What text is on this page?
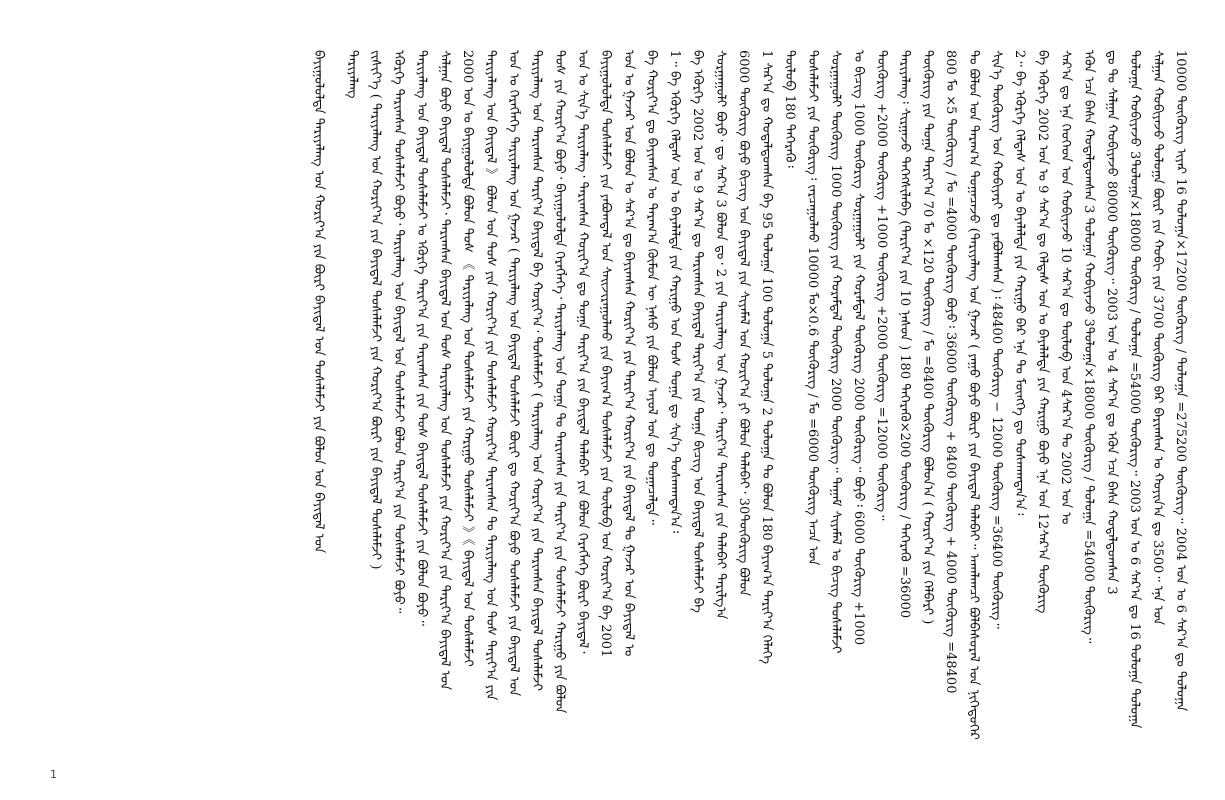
10000 ᠲᠥᠭᠦᠷᠢᠭ ᠢᠶᠡᠷ 16 ᠲᠣᠯᠣᠭᠠ×17200 ᠲᠥᠭᠦᠷᠢᠭ / ᠲᠣᠯᠣᠭᠠ =275200 ᠲᠥᠭᠦᠷᠢᠭ᠃ 2004 ᠣᠨ ᠤ 6 ᠰᠠᠷ᠎ᠠ ᠳᠤ ᠲᠣᠯᠣᠭᠠ
ᠰᠠᠯᠭᠠᠨ ᠬᠤᠪᠢᠶᠠᠵᠤ ᠲᠣᠯᠣᠭᠠ ᠪᠦᠷᠢ ᠶᠢᠨ ᠬᠤᠪᠢ ᠶᠢᠨ 3700 ᠲᠥᠭᠦᠷᠢᠭ ᠪᠡᠷ ᠪᠠᠷᠢᠭᠰᠠᠨ ᠤ ᠬᠣᠶᠢᠨ᠎ᠠ ᠳᠤ 3500᠃ ᠡᠨᠡ ᠣᠨ
ᠲᠣᠯᠣᠭᠠ ᠬᠤᠪᠢᠶᠠᠵᠤ 3ᠲᠣᠯᠣᠭᠠ×18000 ᠲᠥᠭᠦᠷᠢᠭ / ᠲᠣᠯᠣᠭᠠ =54000 ᠲᠥᠭᠦᠷᠢᠭ᠃ 2003 ᠣᠨ ᠤ 6 ᠰᠠᠷ᠎ᠠ ᠳᠤ 16 ᠲᠣᠯᠣᠭᠠ ᠲᠣᠯᠣᠭᠠ
ᠳᠤ ᠲᠤ ᠰᠠᠯᠭᠠᠨ ᠬᠤᠪᠢᠶᠠᠵᠤ 80000 ᠲᠥᠭᠦᠷᠢᠭ᠃ 2003 ᠣᠨ ᠤ 4 ᠰᠠᠷ᠎ᠠ ᠳᠤ ᠡᠭᠦᠨ ᠡᠴᠡ ᠪᠠᠰᠠ ᠬᠤᠳᠠᠯᠳᠤᠭᠰᠠᠨ 3
ᠡᠭᠦᠨ ᠡᠴᠡ ᠪᠠᠰᠠ ᠬᠤᠳᠠᠯᠳᠤᠭᠰᠠᠨ 3 ᠲᠣᠯᠣᠭᠠ ᠬᠤᠪᠢᠶᠠᠵᠤ 3ᠲᠣᠯᠣᠭᠠ×18000 ᠲᠥᠭᠦᠷᠢᠭ / ᠲᠣᠯᠣᠭᠠ =54000 ᠲᠥᠭᠦᠷᠢᠭ᠃
ᠰᠠᠷ᠎ᠠ ᠳᠤ ᠡᠨᠡ ᠬᠡᠦᠬᠡᠳ ᠤᠨ ᠬᠤᠪᠢᠶᠠᠵᠤ 10 ᠰᠠᠷ᠎ᠠ ᠳᠤ ᠲᠥᠯᠦᠪ ᠤᠨ 4ᠰᠠᠷ᠎ᠠ ᠲᠤ 2002 ᠣᠨ ᠤ
ᠪᠠ ᠡᠭᠦᠷᠭᠡ 2002 ᠣᠨ ᠤ 9 ᠰᠠᠷ᠎ᠠ ᠳᠤ ᠬᠡᠯᠲᠡᠰ ᠤᠨ ᠤ ᠪᠡᠶᠡᠯᠡᠯᠲᠡ ᠶᠢᠨ ᠬᠠᠷᠢᠭᠤ ᠪᠤᠶᠤ ᠡᠨᠡ ᠣᠨ 12ᠰᠠᠷ᠎ᠠ ᠲᠥᠭᠦᠷᠢᠭ
2᠃ ᠪᠠ ᠡᠭᠦᠷᠭᠡ ᠬᠡᠯᠲᠡᠰ ᠤᠨ ᠤ ᠪᠡᠶᠡᠯᠡᠯᠲᠡ ᠶᠢᠨ ᠬᠠᠷᠢᠭᠤ ᠪᠠᠷ ᠡᠨᠡ ᠲᠤ ᠮᠥᠩᠭᠡ ᠳᠤ ᠲᠤᠰᠬᠠᠭᠳᠠᠨ᠎ᠠ᠄
ᠰᠢᠨ᠎ᠡ ᠲᠥᠭᠦᠷᠢᠭ ᠤᠨ ᠬᠤᠪᠢᠶᠠᠷᠢ ᠳᠤ ᠶᠠᠪᠤᠯᠠᠭᠰᠠᠨ )᠄ 48400 ᠲᠥᠭᠦᠷᠢᠭ − 12000 ᠲᠥᠭᠦᠷᠢᠭ =36400 ᠲᠥᠭᠦᠷᠢᠭ᠃
ᠲᠤ ᠪᠣᠯᠤᠨ ᠤᠨ ᠳᠠᠷᠠᠭ᠎ᠠ ᠲᠣᠭᠠᠴᠠᠵᠤ (ᠲᠠᠷᠢᠶᠠᠯᠠᠩ ᠤᠨ ᠭᠠᠵᠠᠷ ( ᠶᠠᠭᠤ ᠪᠤᠶᠤ ᠪᠦᠷᠢ ᠶᠢᠨ ᠪᠠᠶᠢᠳᠠᠯ ᠲᠠᠯᠠᠪᠠᠢ᠃ ᠠᠬᠠᠯᠠᠭᠴᠢ ᠪᠣᠯᠪᠠᠰᠤᠷᠠᠯ ᠤᠨ ᠨᠢᠭᠡᠳᠦᠭᠡᠷ
800 ᠮᠤ ×5 ᠲᠥᠭᠦᠷᠢᠭ / ᠮᠤ =4000 ᠲᠥᠭᠦᠷᠢᠭ ᠪᠤᠶᠤ᠄ 36000 ᠲᠥᠭᠦᠷᠢᠭ + 8400 ᠲᠥᠭᠦᠷᠢᠭ + 4000 ᠲᠥᠭᠦᠷᠢᠭ =48400
ᠲᠥᠭᠦᠷᠢᠭ ᠶᠢᠨ ᠲᠣᠭᠠ ᠲᠠᠷᠢᠶ᠎ᠠ 70 ᠮᠤ ×120 ᠲᠥᠭᠦᠷᠢᠭ / ᠮᠤ =8400 ᠲᠥᠭᠦᠷᠢᠭ ᠪᠣᠯᠤᠨ᠎ᠠ ( ᠬᠤᠷᠢᠶ᠎ᠠ ᠶᠢᠨ ᠬᠡᠯᠪᠡᠷᠢ )
ᠲᠠᠷᠢᠶᠠᠯᠠᠩ᠄ ᠰᠢᠷᠭᠠᠵᠤ ᠳᠡᠭᠡᠭᠰᠢᠯᠡᠪᠡ (ᠲᠠᠷᠢᠶ᠎ᠠ ᠶᠢᠨ 10 ᠨᠠᠰᠤᠨ ) 180 ᠳᠡᠭᠡᠷᠡᠭᠦ×200 ᠲᠥᠭᠦᠷᠢᠭ / ᠳᠡᠭᠡᠷᠡᠭᠦ =36000
ᠲᠥᠭᠦᠷᠢᠭ +2000 ᠲᠥᠭᠦᠷᠢᠭ +1000 ᠲᠥᠭᠦᠷᠢᠭ +2000 ᠲᠥᠭᠦᠷᠢᠭ =12000 ᠲᠥᠭᠦᠷᠢᠭ᠃
ᠤ ᠪᠢᠴᠢᠭ 1000 ᠲᠥᠭᠦᠷᠢᠭ ᠰᠤᠷᠭᠠᠭᠤᠯᠢ ᠶᠢᠨ ᠬᠤᠷᠠᠮᠳᠠᠯ ᠲᠥᠭᠦᠷᠢᠭ 2000 ᠲᠥᠭᠦᠷᠢᠭ᠃ ᠪᠤᠶᠤ᠄ 6000 ᠲᠥᠭᠦᠷᠢᠭ +1000
ᠰᠤᠷᠭᠠᠭᠤᠯᠢ ᠲᠥᠭᠦᠷᠢᠭ 1000 ᠲᠥᠭᠦᠷᠢᠭ ᠶᠢᠨ ᠬᠤᠷᠠᠮᠳᠠᠯ ᠲᠥᠭᠦᠷᠢᠭ 2000 ᠲᠥᠭᠦᠷᠢᠭ᠃ ᠲᠠᠭᠠᠮ ᠰᠢᠶᠠᠮᠠᠯ ᠤ ᠪᠢᠴᠢᠭ ᠲᠤᠰᠠᠯᠠᠮᠵᠢ
ᠲᠤᠰᠠᠯᠠᠮᠵᠢ ᠶᠢᠨ ᠲᠥᠭᠦᠷᠢᠭ᠄ ᠵᠠᠷᠴᠠᠭᠤᠯᠬᠤ 10000 ᠮᠤ×0.6 ᠲᠥᠭᠦᠷᠢᠭ / ᠮᠤ =6000 ᠲᠥᠭᠦᠷᠢᠭ ᠠᠴᠠ ᠣᠨ
ᠲᠥᠯᠦᠪ 180 ᠳᠡᠭᠡᠷᠡᠭᠦ᠄
1 ᠰᠠᠷ᠎ᠠ ᠳᠤ ᠬᠤᠳᠠᠯᠳᠤᠭᠰᠠᠨ ᠪᠠ 95 ᠲᠣᠯᠣᠭᠠ 100 ᠲᠣᠯᠣᠭᠠ 5 ᠲᠣᠯᠣᠭᠠ 2 ᠲᠣᠯᠣᠭᠠ ᠲᠤ ᠪᠣᠯᠤᠨ 180 ᠪᠠᠶᠢᠭ᠎ᠠ ᠲᠠᠷᠢᠶ᠎ᠠ ᠬᠡᠯᠡᠭᠡ
6000 ᠲᠥᠭᠦᠷᠢᠭ ᠪᠤᠶᠤ ᠪᠢᠴᠢᠭ ᠤᠨ ᠪᠠᠶᠢᠳᠠᠯ ᠶᠢᠨ ᠰᠢᠶᠠᠮᠠᠯ ᠤᠨ ᠬᠤᠷᠢᠶ᠎ᠠ ᠶᠢ ᠪᠣᠯᠤᠨ ᠲᠠᠯᠠᠪᠠᠢ᠂ 30ᠲᠥᠭᠦᠷᠢᠭ ᠪᠣᠯᠤᠨ
ᠰᠤᠷᠭᠠᠭᠤᠯᠢ ᠪᠤᠶᠤ᠂ ᠳᠤ ᠰᠠᠷ᠎ᠠ 3 ᠪᠤᠯᠤᠨ ᠳᠤ᠂ 2 ᠶᠢᠨ ᠲᠠᠷᠢᠶᠠᠯᠠᠩ ᠤᠨ ᠭᠠᠵᠠᠷ᠂ ᠲᠠᠷᠢᠶ᠎ᠠ ᠲᠠᠷᠢᠭᠰᠠᠨ ᠶᠢᠨ ᠲᠠᠯᠠᠪᠠᠢ ᠲᠠᠷᠢᠯᠭ᠎ᠠ
ᠪᠠ ᠡᠭᠦᠷᠭᠡ 2002 ᠣᠨ ᠤ 9 ᠰᠠᠷ᠎ᠠ ᠳᠤ ᠲᠠᠷᠢᠭᠰᠠᠨ ᠪᠠᠶᠢᠳᠠᠯ ᠲᠠᠷᠢᠶ᠎ᠠ ᠶᠢᠨ ᠲᠣᠭᠠ ᠪᠢᠴᠢᠭ ᠤᠨ ᠪᠠᠶᠢᠳᠠᠯ ᠲᠤᠰᠠᠯᠠᠮᠵᠢ ᠪᠠ
1᠃ ᠪᠠ ᠡᠭᠦᠷᠭᠡ ᠬᠡᠯᠲᠡᠰ ᠤᠨ ᠤ ᠪᠡᠶᠡᠯᠡᠯᠲᠡ ᠶᠢᠨ ᠬᠠᠷᠢᠭᠤ ᠤᠨ ᠲᠤᠰ ᠲᠣᠭᠠ ᠳᠤ ᠰᠢᠨ᠎ᠡ ᠲᠤᠰᠬᠠᠭᠳᠠᠨ᠎ᠠ᠄
ᠪᠠ ᠬᠣᠷᠢᠶ᠎ᠠ ᠳᠤ ᠪᠠᠶᠢᠭᠰᠠᠨ ᠤ ᠳᠠᠷᠠᠭ᠎ᠠ ᠬᠦᠮᠦᠨ ᠦ ᠨᠠᠰᠤ ᠶᠢᠨ ᠪᠣᠯᠤᠨ ᠠᠶᠤᠯ ᠤᠨ ᠳᠤ ᠲᠣᠭᠠᠴᠠᠯᠲᠠ᠃
ᠣᠨ ᠤ ᠭᠠᠵᠠᠷ ᠤᠨ ᠪᠣᠯᠤᠨ ᠤ ᠰᠠᠷ᠎ᠠ ᠳᠤ ᠪᠠᠶᠢᠭᠰᠠᠨ ᠬᠣᠷᠢᠶ᠎ᠠ ᠶᠢᠨ ᠲᠠᠷᠢᠶ᠎ᠠ ᠬᠤᠷᠢᠶ᠎ᠠ ᠶᠢᠨ ᠪᠠᠶᠢᠳᠠᠯ ᠲᠤ ᠭᠠᠵᠠᠷ ᠤᠨ ᠪᠠᠶᠢᠳᠠᠯ ᠤ
ᠪᠠᠶᠢᠭᠤᠯᠤᠯᠲᠠ ᠲᠤᠰᠠᠯᠠᠮᠵᠢ ᠶᠢᠨ ᠶᠠᠪᠤᠭᠳᠠᠯ ᠤᠨ ᠰᠠᠢᠵᠢᠷᠠᠭᠤᠯᠬᠤ ᠶᠢᠨ ᠪᠠᠶᠢᠭ᠎ᠠ ᠲᠤᠰᠠᠯᠠᠮᠵᠢ ᠶᠢᠨ ᠲᠥᠯᠦᠪ ᠤᠨ ᠬᠣᠷᠢᠶ᠎ᠠ ᠪᠠ 2001
ᠣᠨ ᠤ ᠰᠢᠨ᠎ᠡ ᠲᠠᠷᠢᠶᠠᠯᠠᠩ᠂ ᠲᠠᠷᠢᠭᠰᠠᠨ ᠬᠤᠷᠢᠶ᠎ᠠ ᠳᠤ ᠲᠣᠭᠠ ᠲᠠᠷᠢᠶ᠎ᠠ ᠶᠢᠨ ᠪᠠᠶᠢᠳᠠᠯ ᠲᠠᠯᠠᠪᠠᠢ ᠶᠢᠨ ᠪᠣᠯᠤᠨ ᠬᠡᠷᠡᠭᠯᠡᠭᠡ ᠪᠦᠷᠢ ᠪᠠᠶᠢᠳᠠᠯ᠂
ᠲᠤᠰ ᠶᠢᠨ ᠬᠤᠷᠢᠶ᠎ᠠ ᠪᠤᠶᠤ᠂ ᠪᠠᠶᠢᠭᠤᠯᠤᠯᠲᠠ ᠬᠡᠷᠡᠭᠯᠡᠭᠡ᠂ ᠲᠠᠷᠢᠶᠠᠯᠠᠩ ᠤᠨ ᠲᠣᠭᠠ ᠲᠤ ᠲᠠᠷᠢᠭᠰᠠᠨ ᠶᠢᠨ ᠲᠠᠷᠢᠶ᠎ᠠ ᠶᠢᠨ ᠲᠤᠰᠠᠯᠠᠮᠵᠢ ᠬᠠᠷᠢᠭᠤ ᠶᠢᠨ ᠪᠣᠯᠤᠨ
ᠲᠠᠷᠢᠶᠠᠯᠠᠩ ᠤᠨ ᠲᠠᠷᠢᠭᠰᠠᠨ ᠲᠠᠷᠢᠶ᠎ᠠ ᠪᠠᠶᠢᠳᠠᠯ ᠪᠠ ᠬᠣᠷᠢᠶ᠎ᠠ᠂ ᠲᠤᠰᠠᠯᠠᠮᠵᠢ ( ᠲᠠᠷᠢᠶᠠᠯᠠᠩ ᠤᠨ ᠬᠤᠷᠢᠶ᠎ᠠ ᠶᠢᠨ ᠲᠠᠷᠢᠭᠰᠠᠨ ᠪᠠᠶᠢᠳᠠᠯ ᠲᠤᠰᠠᠯᠠᠮᠵᠢ
ᠣᠨ ᠤ ᠬᠡᠷᠡᠭᠯᠡᠭᠡ ᠲᠠᠷᠢᠶᠠᠯᠠᠩ ᠤᠨ ᠭᠠᠵᠠᠷ ( ᠲᠠᠷᠢᠶᠠᠯᠠᠩ ᠤᠨ ᠪᠠᠶᠢᠳᠠᠯ ᠲᠤᠰᠠᠯᠠᠮᠵᠢ ᠪᠦᠷᠢ ᠳᠤ ᠬᠤᠷᠢᠶ᠎ᠠ ᠪᠤᠶᠤ ᠲᠤᠰᠠᠯᠠᠮᠵᠢ ᠶᠢᠨ ᠪᠠᠶᠢᠳᠠᠯ ᠤᠨ
ᠲᠠᠷᠢᠶᠠᠯᠠᠩ ᠤᠨ ᠪᠠᠶᠢᠳᠠᠯ 》 ᠪᠣᠯᠤᠨ ᠤᠨ ᠲᠤᠰ ᠶᠢᠨ ᠬᠤᠷᠢᠶ᠎ᠠ ᠶᠢᠨ ᠲᠤᠰᠠᠯᠠᠮᠵᠢ ᠬᠣᠷᠢᠶ᠎ᠠ ᠲᠠᠷᠢᠭᠰᠠᠨ ᠲᠤ ᠲᠠᠷᠢᠶᠠᠯᠠᠩ ᠤᠨ ᠲᠤᠰ ᠲᠠᠷᠢᠶ᠎ᠠ ᠶᠢᠨ
2000 ᠣᠨ ᠤ ᠪᠠᠶᠢᠭᠤᠯᠤᠯᠲᠠ ᠪᠣᠯᠤᠨ ᠲᠤᠰ 《 ᠲᠠᠷᠢᠶᠠᠯᠠᠩ ᠤᠨ ᠲᠤᠰᠠᠯᠠᠮᠵᠢ ᠶᠢᠨ ᠬᠠᠷᠢᠭᠤ ᠲᠤᠰᠠᠯᠠᠮᠵᠢ 》《 ᠪᠠᠶᠢᠳᠠᠯ ᠤᠨ ᠲᠤᠰᠠᠯᠠᠮᠵᠢ
ᠰᠠᠯᠭᠠᠨ ᠪᠤᠶᠤ ᠪᠠᠶᠢᠳᠠᠯ ᠲᠤᠰᠠᠯᠠᠮᠵᠢ᠂ ᠲᠠᠷᠢᠭᠰᠠᠨ ᠪᠠᠶᠢᠳᠠᠯ ᠤᠨ ᠲᠤᠰ ᠲᠠᠷᠢᠶᠠᠯᠠᠩ ᠤᠨ ᠲᠤᠰᠠᠯᠠᠮᠵᠢ ᠶᠢᠨ ᠬᠤᠷᠢᠶ᠎ᠠ ᠶᠢᠨ ᠲᠠᠷᠢᠶ᠎ᠠ ᠪᠠᠶᠢᠳᠠᠯ ᠤᠨ
ᠲᠠᠷᠢᠶᠠᠯᠠᠩ ᠤᠨ ᠪᠠᠶᠢᠳᠠᠯ ᠲᠤᠰᠠᠯᠠᠮᠵᠢ ᠤ ᠡᠭᠦᠷᠭᠡ ᠲᠠᠷᠢᠶ᠎ᠠ ᠶᠢᠨ ᠲᠠᠷᠢᠭᠰᠠᠨ ᠶᠢᠨ ᠲᠤᠰ ᠪᠠᠶᠢᠳᠠᠯ ᠲᠤᠰᠠᠯᠠᠮᠵᠢ ᠶᠢᠨ ᠪᠣᠯᠤᠨ ᠪᠤᠶᠤ᠃
ᠡᠭᠦᠷᠭᠡ ᠲᠠᠷᠢᠭᠰᠠᠨ ᠲᠤᠰᠠᠯᠠᠮᠵᠢ ᠪᠤᠶᠤ᠂ ᠲᠠᠷᠢᠶᠠᠯᠠᠩ ᠤᠨ ᠪᠠᠶᠢᠳᠠᠯ ᠤᠨ ᠲᠤᠰᠠᠯᠠᠮᠵᠢ ᠪᠣᠯᠤᠨ ᠲᠠᠷᠢᠶ᠎ᠠ ᠶᠢᠨ ᠲᠤᠰᠠᠯᠠᠮᠵᠢ ᠪᠤᠶᠤ᠃
ᠵᠢᠱᠢᠶ᠎ᠡ ( ᠲᠠᠷᠢᠶᠠᠯᠠᠩ ᠤᠨ ᠬᠤᠷᠢᠶ᠎ᠠ ᠶᠢᠨ ᠪᠠᠶᠢᠳᠠᠯ ᠲᠤᠰᠠᠯᠠᠮᠵᠢ ᠶᠢᠨ ᠬᠣᠷᠢᠶ᠎ᠠ ᠪᠦᠷᠢ ᠶᠢᠨ ᠪᠠᠶᠢᠳᠠᠯ ᠲᠤᠰᠠᠯᠠᠮᠵᠢ )
ᠲᠠᠷᠢᠶᠠᠯᠠᠩ
ᠪᠠᠶᠢᠭᠤᠯᠤᠯᠲᠠ ᠲᠠᠷᠢᠶᠠᠯᠠᠩ ᠤᠨ ᠬᠤᠷᠢᠶ᠎ᠠ ᠶᠢᠨ ᠪᠦᠷᠢ ᠪᠠᠶᠢᠳᠠᠯ ᠤᠨ ᠲᠤᠰᠠᠯᠠᠮᠵᠢ ᠶᠢᠨ ᠪᠣᠯᠤᠨ ᠤᠨ ᠪᠠᠶᠢᠳᠠᠯ ᠤᠨ
1
